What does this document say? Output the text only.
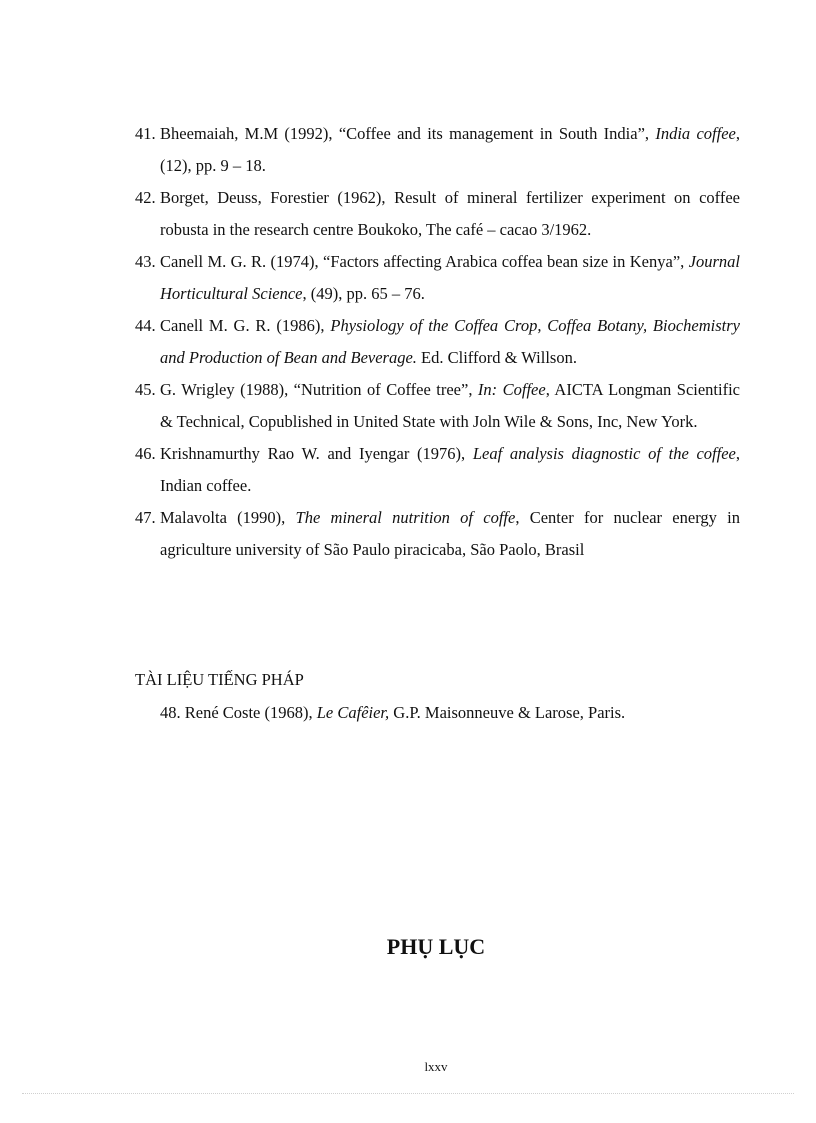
41. Bheemaiah, M.M (1992), “Coffee and its management in South India”, India coffee, (12), pp. 9 – 18.
42. Borget, Deuss, Forestier (1962), Result of mineral fertilizer experiment on coffee robusta in the research centre Boukoko, The café – cacao 3/1962.
43. Canell M. G. R. (1974), “Factors affecting Arabica coffea bean size in Kenya”, Journal Horticultural Science, (49), pp. 65 – 76.
44. Canell M. G. R. (1986), Physiology of the Coffea Crop, Coffea Botany, Biochemistry and Production of Bean and Beverage. Ed. Clifford & Willson.
45. G. Wrigley (1988), “Nutrition of Coffee tree”, In: Coffee, AICTA Longman Scientific & Technical, Copublished in United State with Joln Wile & Sons, Inc, New York.
46. Krishnamurthy Rao W. and Iyengar (1976), Leaf analysis diagnostic of the coffee, Indian coffee.
47. Malavolta (1990), The mineral nutrition of coffe, Center for nuclear energy in agriculture university of São Paulo piracicaba, São Paolo, Brasil
TÀI LIỆU TIẾNG PHÁP
48. René Coste (1968), Le Cafêier, G.P. Maisonneuve & Larose, Paris.
PHỤ LỤC
lxxv
